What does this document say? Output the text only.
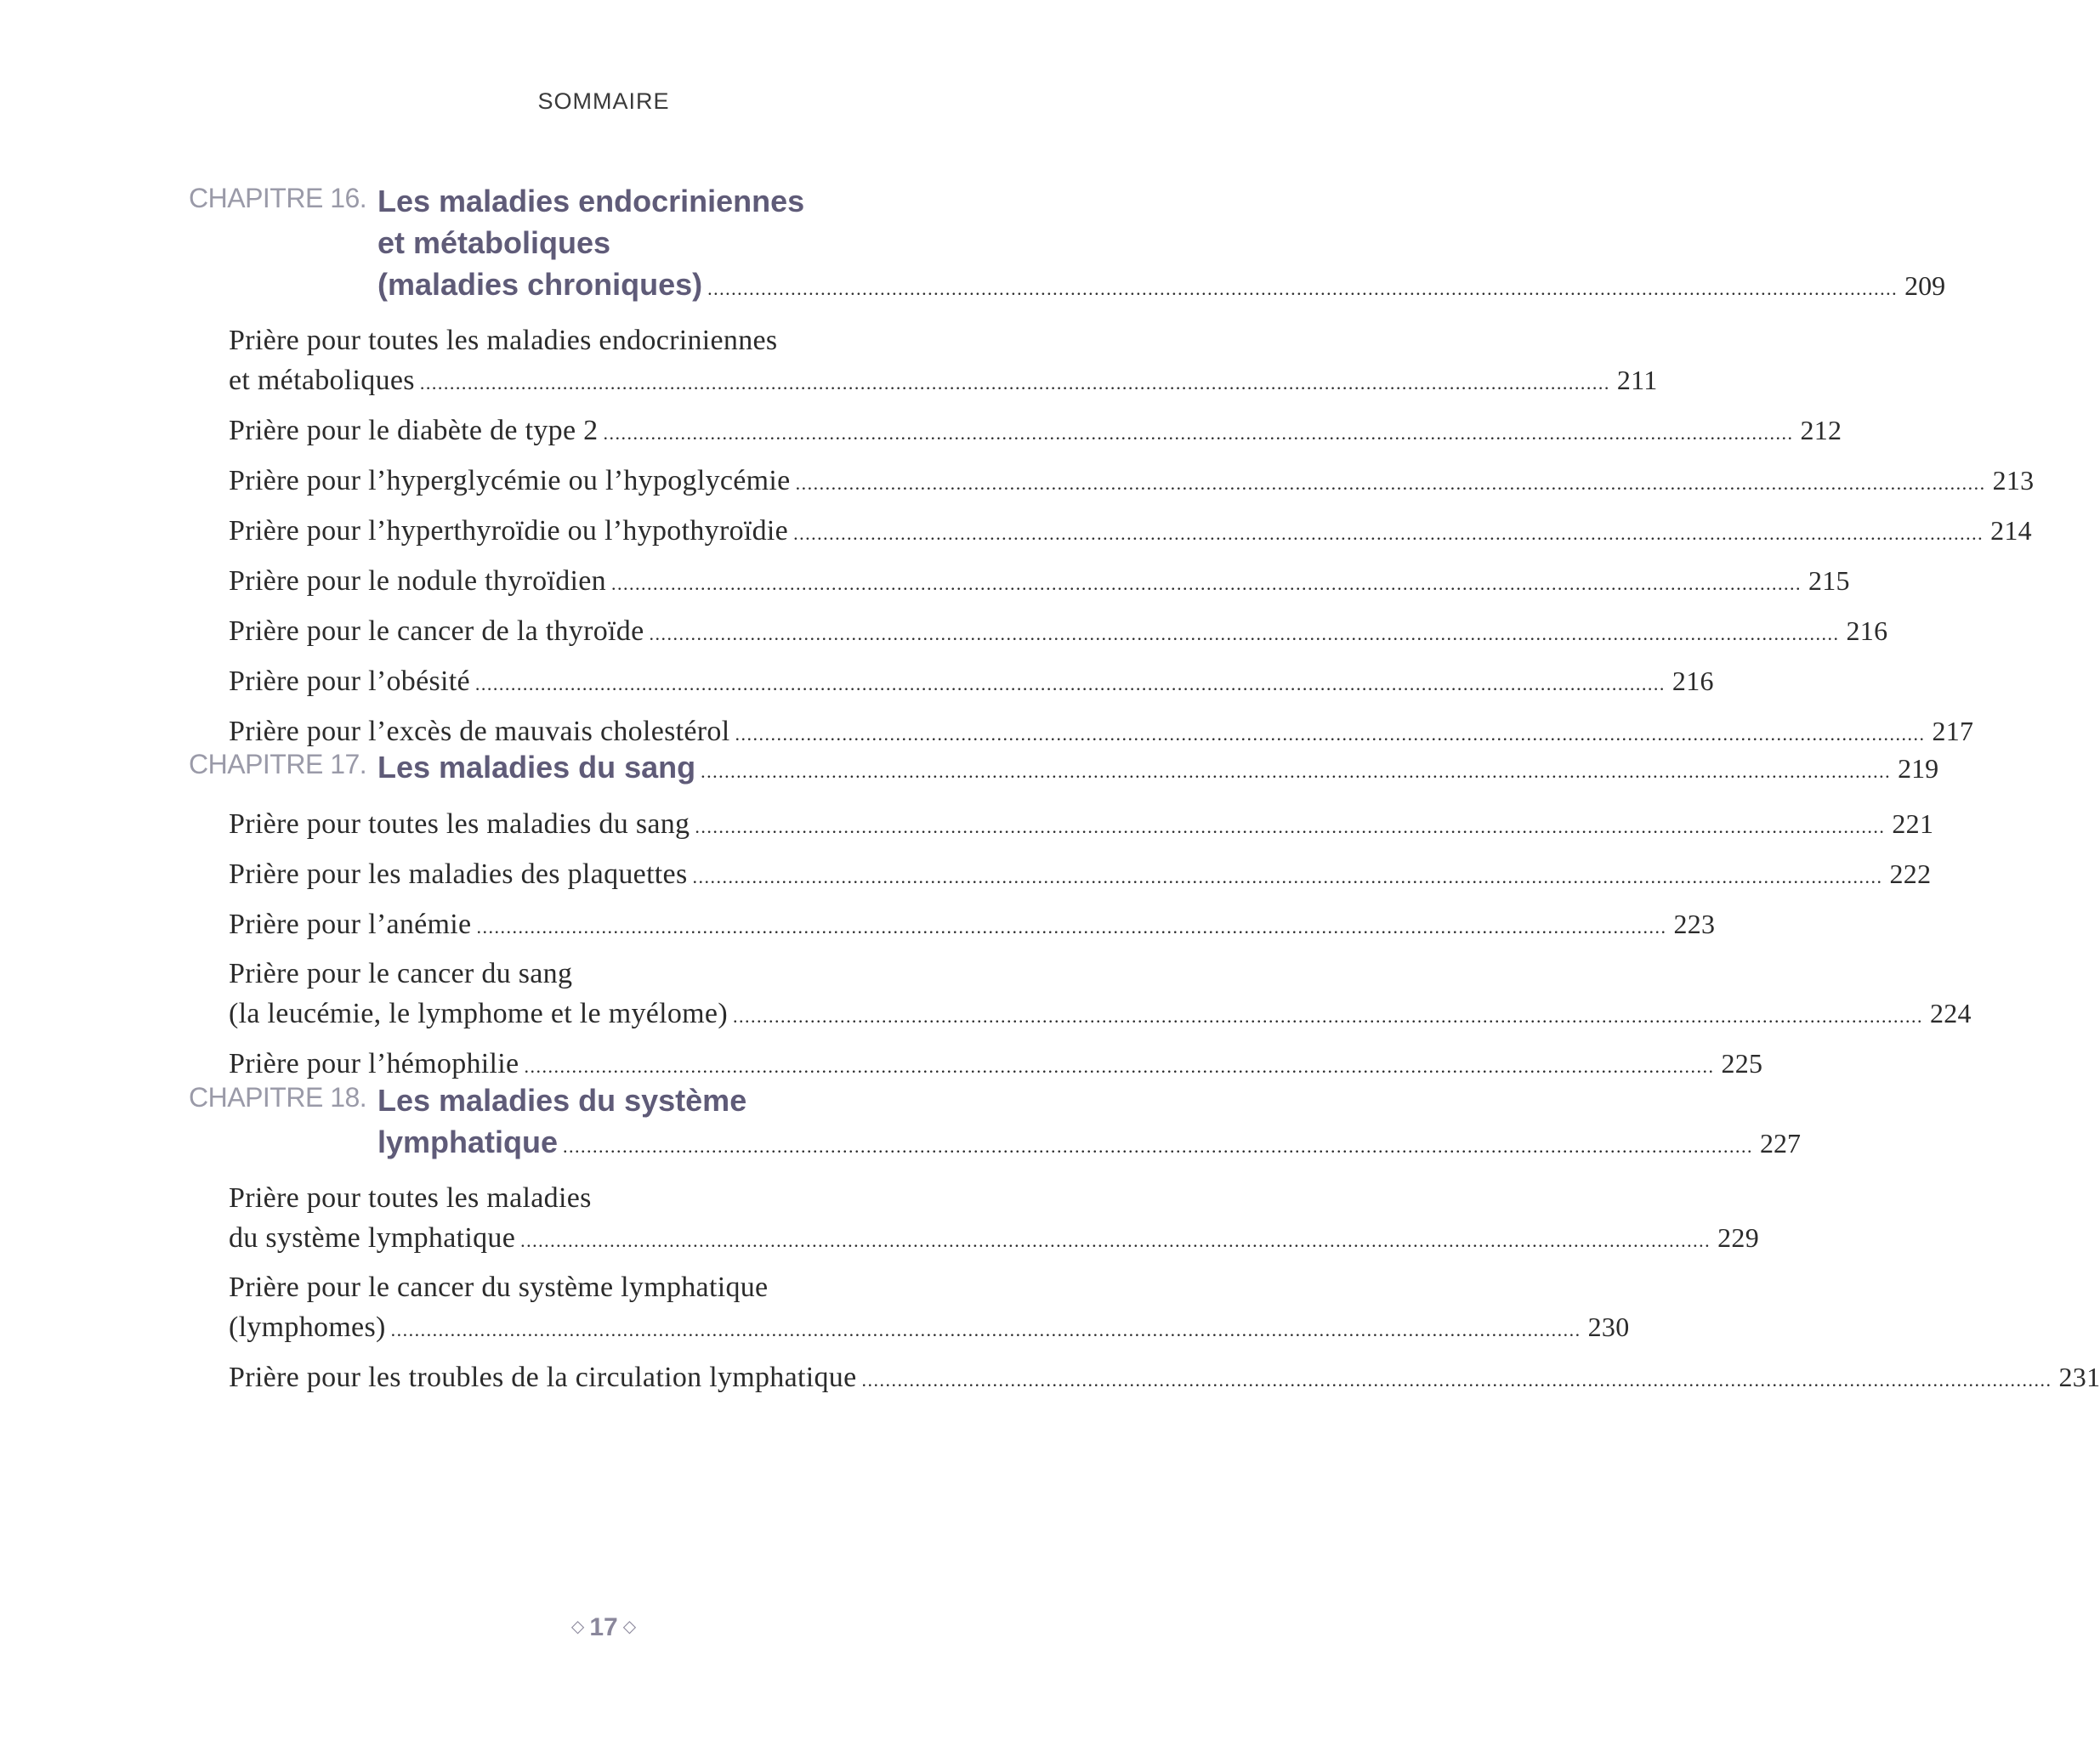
SOMMAIRE
CHAPITRE 16. Les maladies endocriniennes
et métaboliques
(maladies chroniques) ........................................................................................................................................................................................................ 209
Prière pour toutes les maladies endocriniennes
et métaboliques ........................................................................................................................................................................................................ 211
Prière pour le diabète de type 2 ........................................................................................................................................................................................................ 212
Prière pour l’hyperglycémie ou l’hypoglycémie ........................................................................................................................................................................................................ 213
Prière pour l’hyperthyroïdie ou l’hypothyroïdie ........................................................................................................................................................................................................ 214
Prière pour le nodule thyroïdien ........................................................................................................................................................................................................ 215
Prière pour le cancer de la thyroïde ........................................................................................................................................................................................................ 216
Prière pour l’obésité ........................................................................................................................................................................................................ 216
Prière pour l’excès de mauvais cholestérol ........................................................................................................................................................................................................ 217
CHAPITRE 17. Les maladies du sang ........................................................................................................................................................................................................ 219
Prière pour toutes les maladies du sang ........................................................................................................................................................................................................ 221
Prière pour les maladies des plaquettes ........................................................................................................................................................................................................ 222
Prière pour l’anémie ........................................................................................................................................................................................................ 223
Prière pour le cancer du sang
(la leucémie, le lymphome et le myélome) ........................................................................................................................................................................................................ 224
Prière pour l’hémophilie ........................................................................................................................................................................................................ 225
CHAPITRE 18. Les maladies du système
lymphatique ........................................................................................................................................................................................................ 227
Prière pour toutes les maladies
du système lymphatique ........................................................................................................................................................................................................ 229
Prière pour le cancer du système lymphatique
(lymphomes) ........................................................................................................................................................................................................ 230
Prière pour les troubles de la circulation lymphatique ........................................................................................................................................................................................................ 231
◇ 17 ◇
